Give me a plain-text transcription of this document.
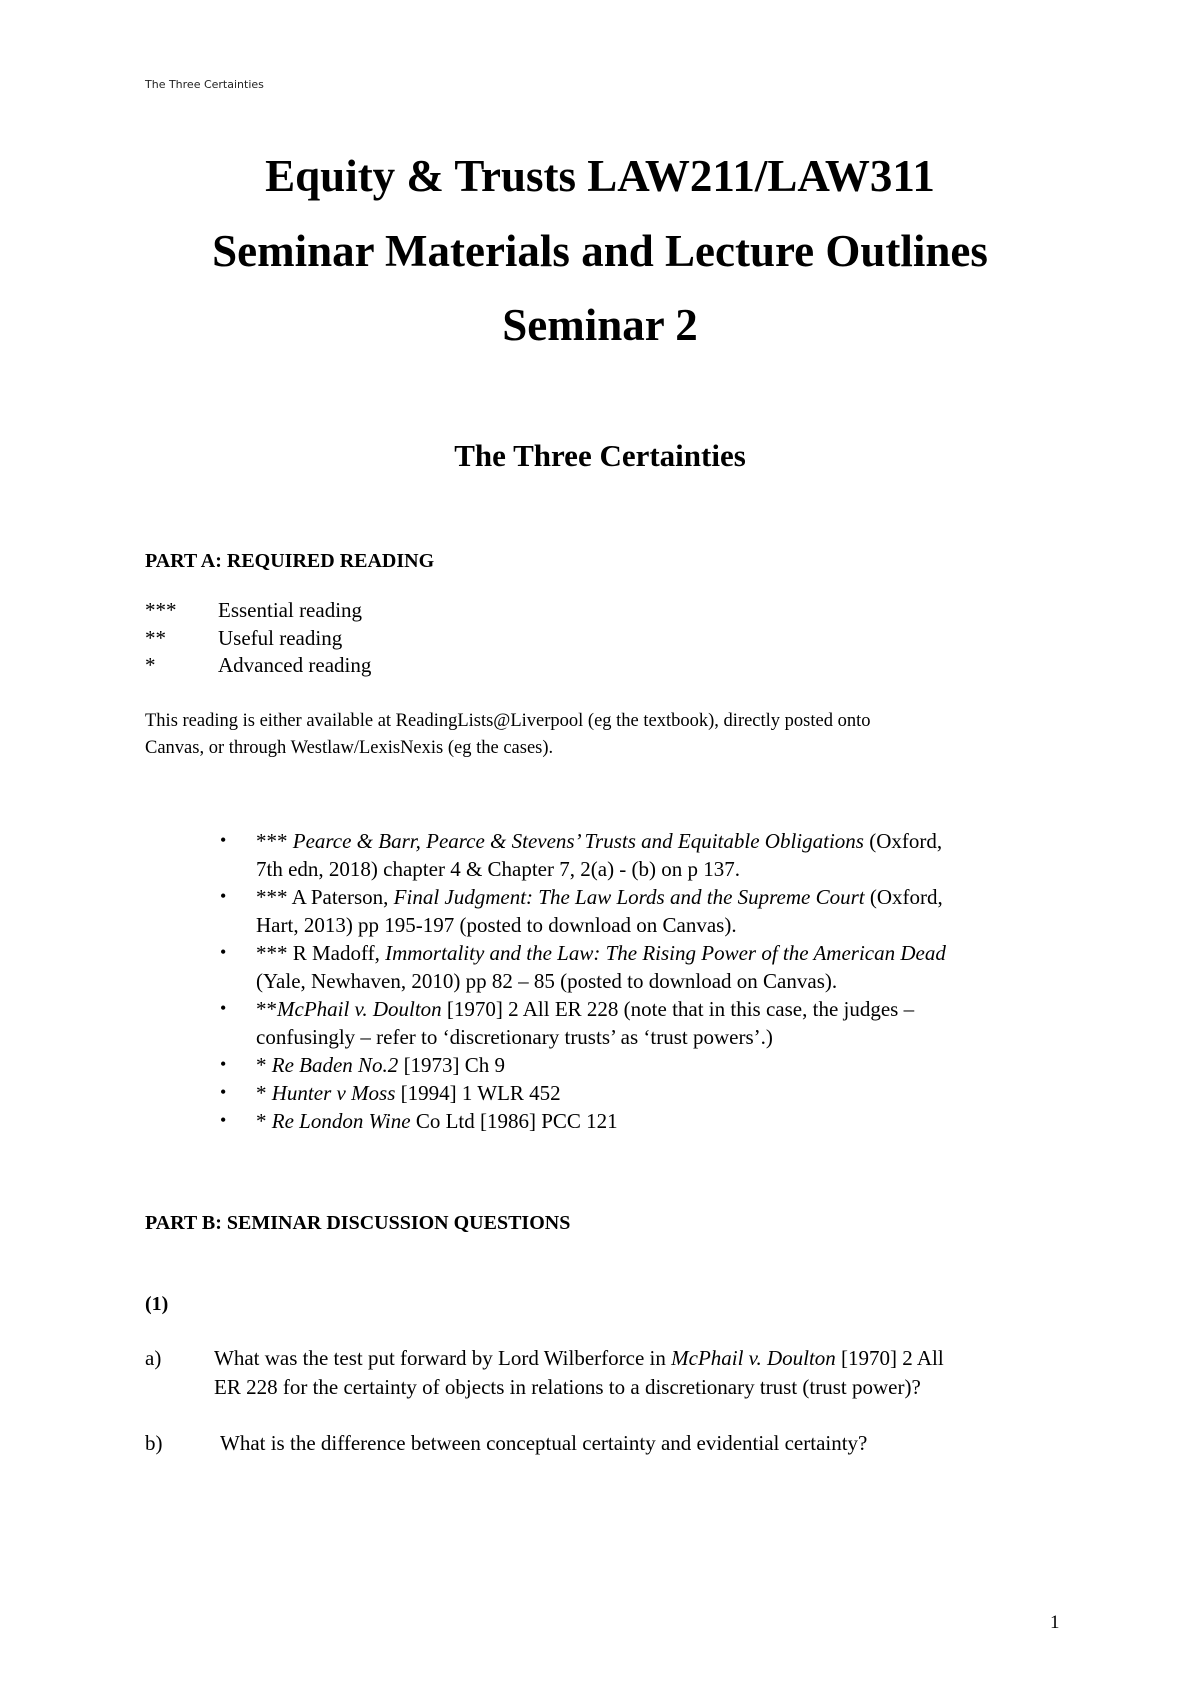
The Three Certainties
Equity & Trusts LAW211/LAW311
Seminar Materials and Lecture Outlines
Seminar 2
The Three Certainties
PART A: REQUIRED READING
*** Essential reading
** Useful reading
*	Advanced reading
This reading is either available at ReadingLists@Liverpool (eg the textbook), directly posted onto
Canvas, or through Westlaw/LexisNexis (eg the cases).
• *** Pearce & Barr, Pearce & Stevens’ Trusts and Equitable Obligations (Oxford,
7th edn, 2018) chapter 4 & Chapter 7, 2(a) - (b) on p 137.
• *** A Paterson, Final Judgment: The Law Lords and the Supreme Court (Oxford,
Hart, 2013) pp 195-197 (posted to download on Canvas).
• *** R Madoff, Immortality and the Law: The Rising Power of the American Dead
(Yale, Newhaven, 2010) pp 82 – 85 (posted to download on Canvas).
• **McPhail v. Doulton [1970] 2 All ER 228 (note that in this case, the judges –
confusingly – refer to ‘discretionary trusts’ as ‘trust powers’.)
• * Re Baden No.2 [1973] Ch 9
• * Hunter v Moss [1994] 1 WLR 452
• * Re London Wine Co Ltd [1986] PCC 121
PART B: SEMINAR DISCUSSION QUESTIONS
(1)
a)	What was the test put forward by Lord Wilberforce in McPhail v. Doulton [1970] 2 All
ER 228 for the certainty of objects in relations to a discretionary trust (trust power)?
b)	What is the difference between conceptual certainty and evidential certainty?
1
